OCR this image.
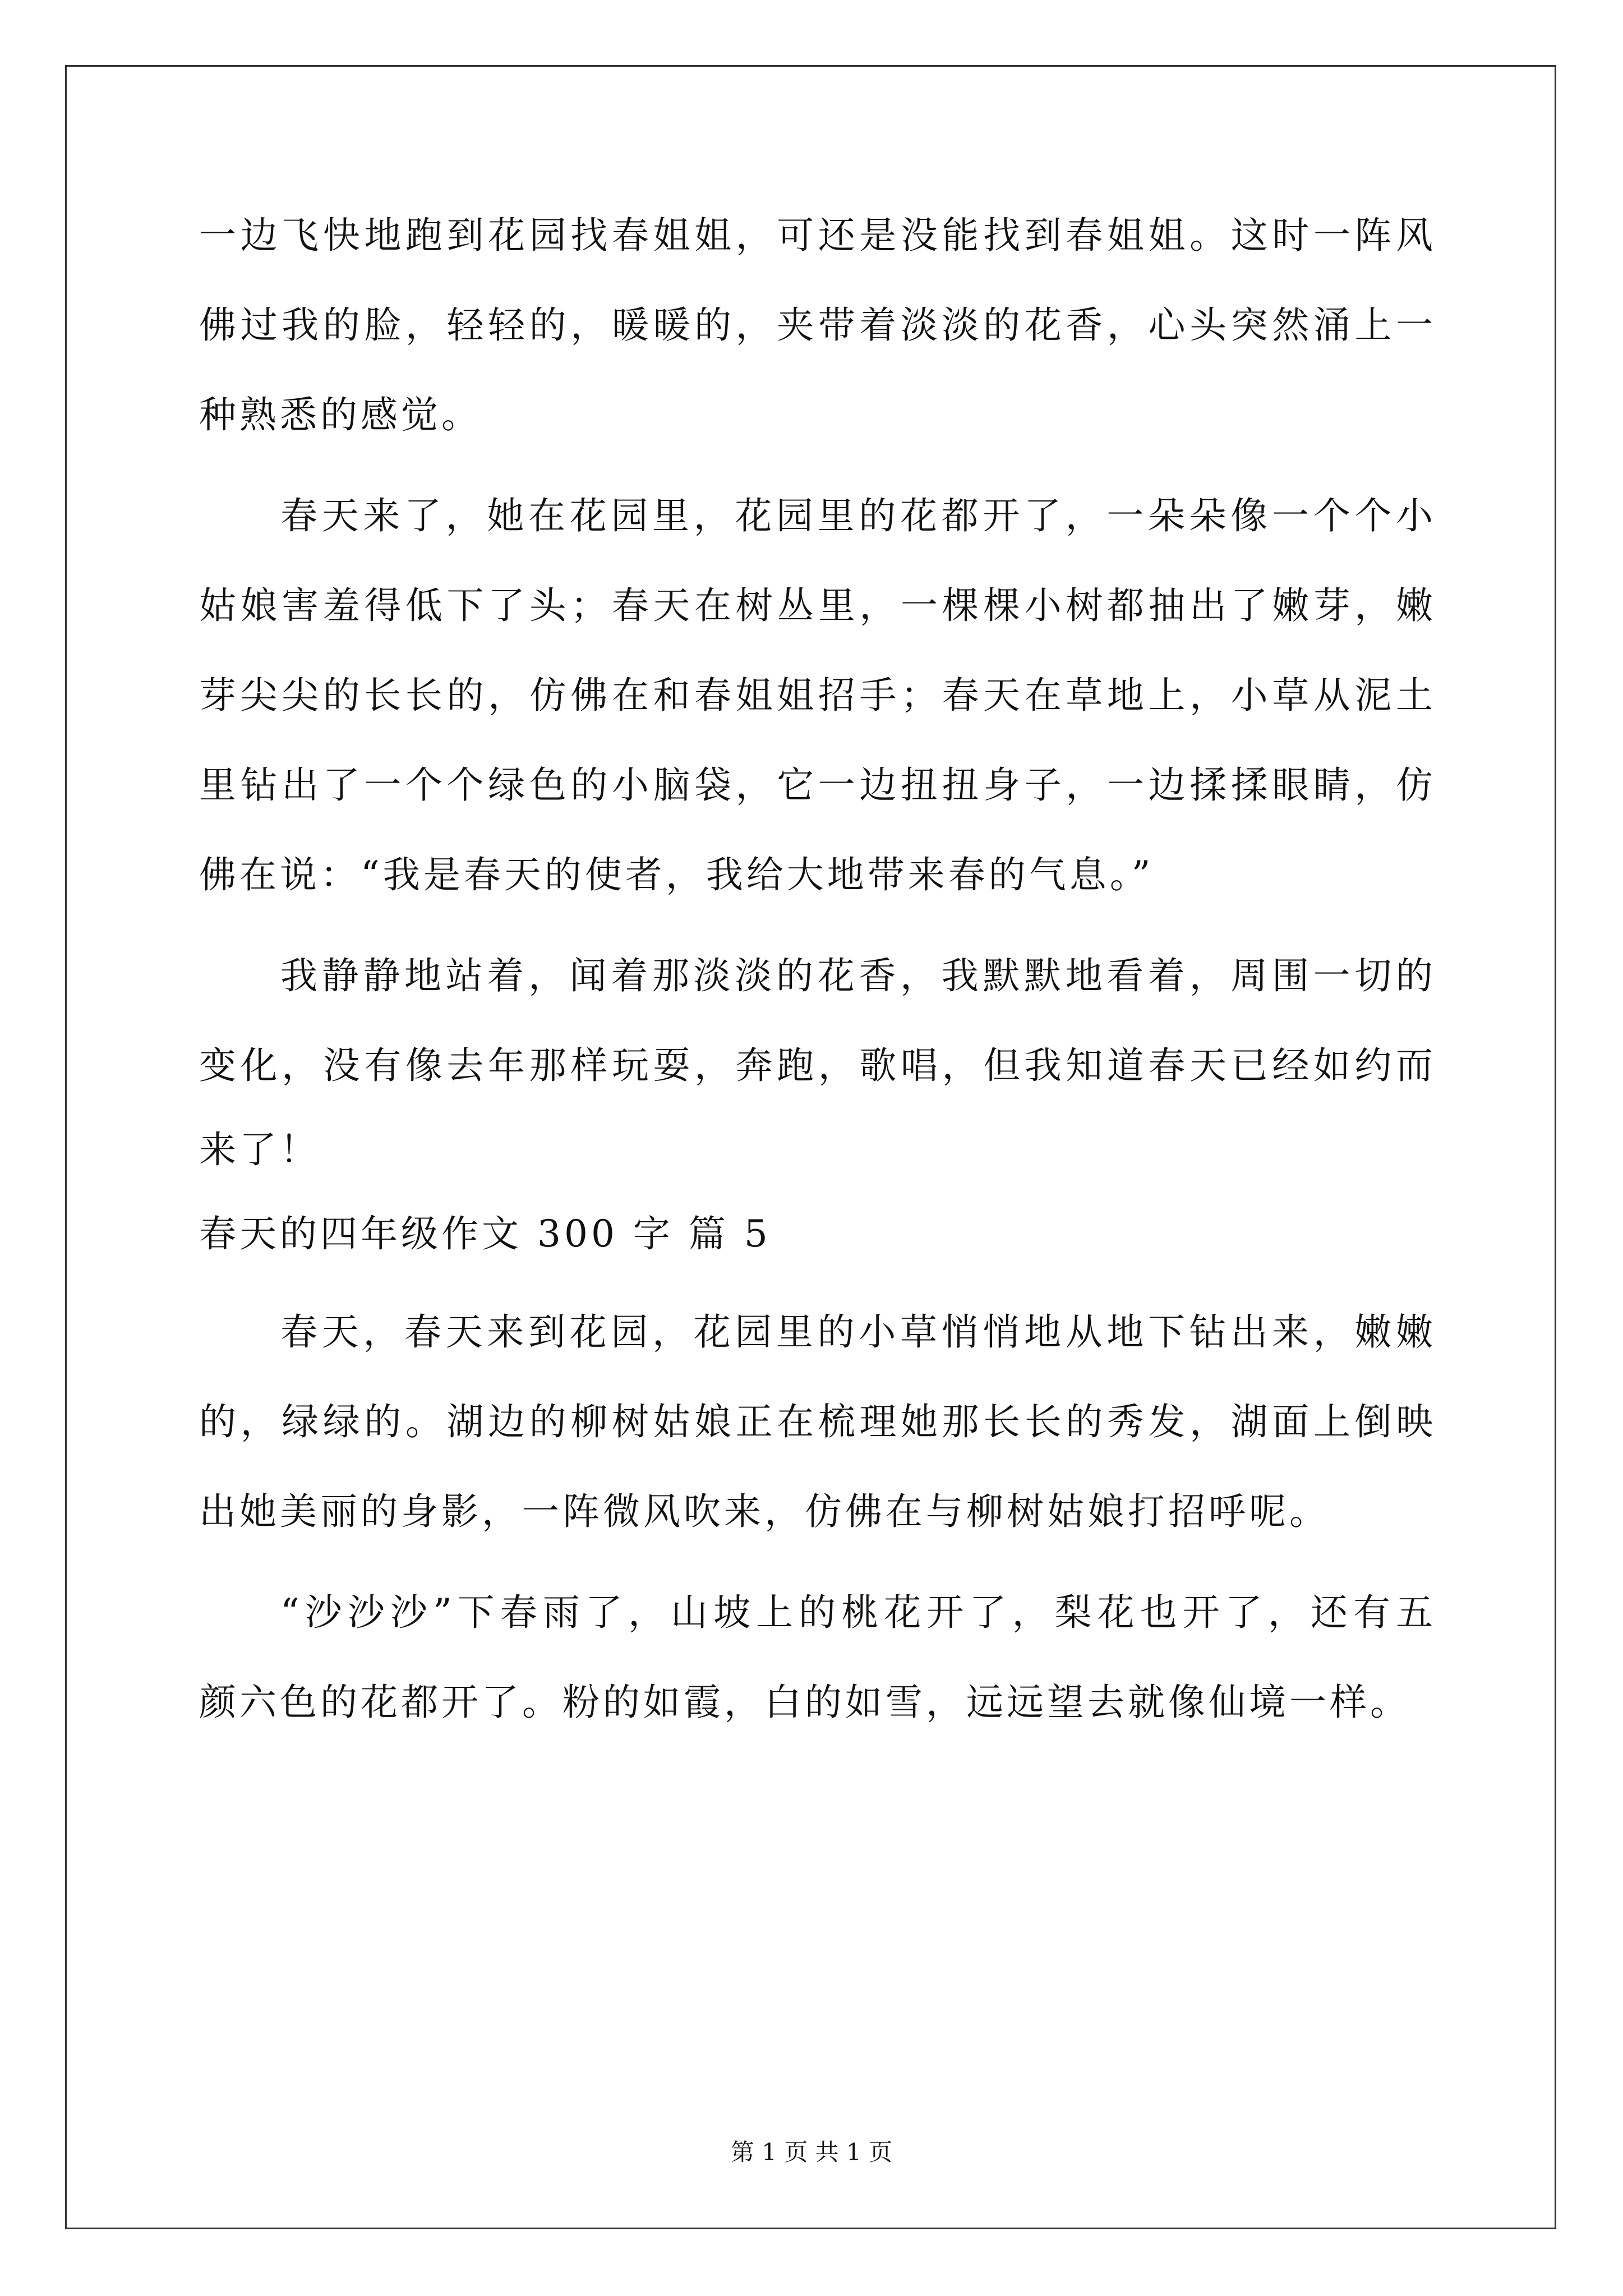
一边飞快地跑到花园找春姐姐，可还是没能找到春姐姐。这时一阵风
佛过我的脸，轻轻的，暖暖的，夹带着淡淡的花香，心头突然涌上一
种熟悉的感觉。
春天来了，她在花园里，花园里的花都开了，一朵朵像一个个小
姑娘害羞得低下了头；春天在树丛里，一棵棵小树都抽出了嫩芽，嫩
芽尖尖的长长的，仿佛在和春姐姐招手；春天在草地上，小草从泥土
里钻出了一个个绿色的小脑袋，它一边扭扭身子，一边揉揉眼睛，仿
佛在说：“我是春天的使者，我给大地带来春的气息。”
我静静地站着，闻着那淡淡的花香，我默默地看着，周围一切的
变化，没有像去年那样玩耍，奔跑，歌唱，但我知道春天已经如约而
来了！
春天的四年级作文 300 字 篇 5
春天，春天来到花园，花园里的小草悄悄地从地下钻出来，嫩嫩
的，绿绿的。湖边的柳树姑娘正在梳理她那长长的秀发，湖面上倒映
出她美丽的身影，一阵微风吹来，仿佛在与柳树姑娘打招呼呢。
“沙沙沙”下春雨了，山坡上的桃花开了，梨花也开了，还有五
颜六色的花都开了。粉的如霞，白的如雪，远远望去就像仙境一样。
第 1 页 共 1 页
